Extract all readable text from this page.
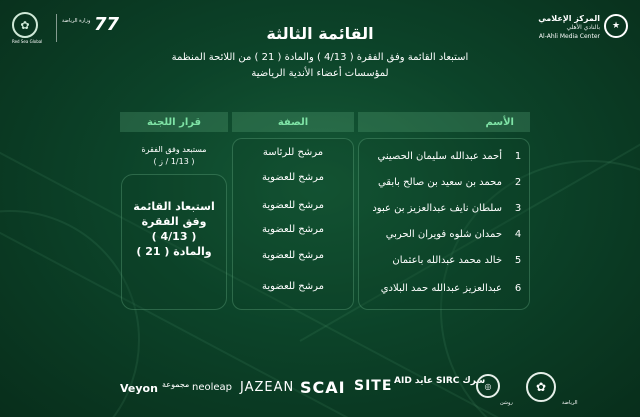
★
المركز الإعلامي
بالنادي الأهلي
Al-Ahli Media Center
✿
Red Sea Global
وزارة الرياضة 77	القائمة الثالثة
استبعاد القائمة وفق الفقرة ( 4/13 ) والمادة ( 21 ) من اللائحة المنظمة
لمؤسسات أعضاء الأندية الرياضية
الأسم
الصفة
قرار اللجنة
1
أحمد عبدالله سليمان الحصيني
2
محمد بن سعيد بن صالح بابقي
3
سلطان نايف عبدالعزيز بن عبود
4
حمدان شلوه فويران الحربي
5
خالد محمد عبدالله باعثمان
6
عبدالعزيز عبدالله حمد البلادي
مرشح للرئاسة
مرشح للعضوية
مرشح للعضوية
مرشح للعضوية
مرشح للعضوية
مرشح للعضوية
مستبعد وفق الفقرة
( 1/13 / ز )
استبعاد القائمة
وفق الفقرة
( 4/13 )
والمادة ( 21 )
Veyon مجموعة neoleap JAZEAN SCAI SITE AID عايد SIRC سرك ◎
روشن
✿
الرياضة
